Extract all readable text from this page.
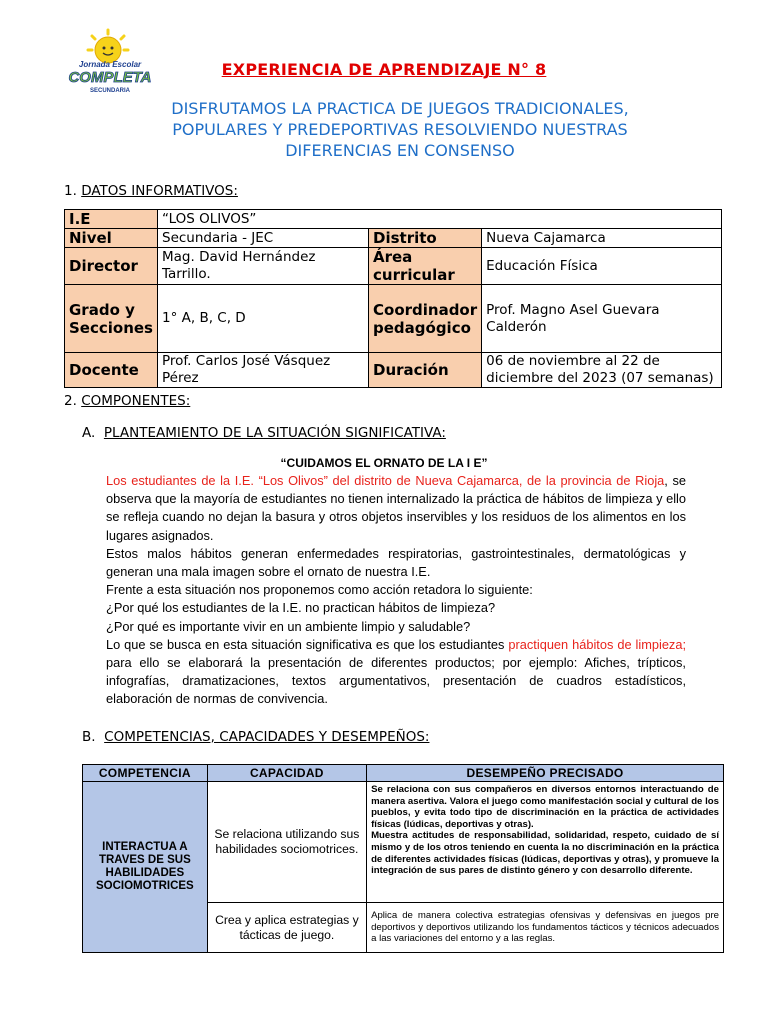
Jornada Escolar
COMPLETA
SECUNDARIA
EXPERIENCIA DE APRENDIZAJE N° 8
DISFRUTAMOS LA PRACTICA DE JUEGOS TRADICIONALES,
POPULARES Y PREDEPORTIVAS RESOLVIENDO NUESTRAS
DIFERENCIAS EN CONSENSO
1. DATOS INFORMATIVOS:
I.E	“LOS OLIVOS”		
Nivel	Secundaria - JEC	Distrito	Nueva Cajamarca
Director	Mag. David Hernández Tarrillo.	Área curricular	Educación Física
Grado y Secciones	1° A, B, C, D	Coordinador pedagógico	Prof. Magno Asel Guevara Calderón
Docente	Prof. Carlos José Vásquez Pérez	Duración	06 de noviembre al 22 de diciembre del 2023 (07 semanas)
2. COMPONENTES:
A. PLANTEAMIENTO DE LA SITUACIÓN SIGNIFICATIVA:
“CUIDAMOS EL ORNATO DE LA I E”
Los estudiantes de la I.E. “Los Olivos” del distrito de Nueva Cajamarca, de la provincia de Rioja, se observa que la mayoría de estudiantes no tienen internalizado la práctica de hábitos de limpieza y ello se refleja cuando no dejan la basura y otros objetos inservibles y los residuos de los alimentos en los lugares asignados.
Estos malos hábitos generan enfermedades respiratorias, gastrointestinales, dermatológicas y generan una mala imagen sobre el ornato de nuestra I.E.
Frente a esta situación nos proponemos como acción retadora lo siguiente:
¿Por qué los estudiantes de la I.E. no practican hábitos de limpieza?
¿Por qué es importante vivir en un ambiente limpio y saludable?
Lo que se busca en esta situación significativa es que los estudiantes practiquen hábitos de limpieza; para ello se elaborará la presentación de diferentes productos; por ejemplo: Afiches, trípticos, infografías, dramatizaciones, textos argumentativos, presentación de cuadros estadísticos, elaboración de normas de convivencia.
B. COMPETENCIAS, CAPACIDADES Y DESEMPEÑOS:
COMPETENCIA	CAPACIDAD	DESEMPEÑO PRECISADO
INTERACTUA A TRAVES DE SUS HABILIDADES SOCIOMOTRICES	Se relaciona utilizando sus habilidades sociomotrices.	Se relaciona con sus compañeros en diversos entornos interactuando de manera asertiva. Valora el juego como manifestación social y cultural de los pueblos, y evita todo tipo de discriminación en la práctica de actividades físicas (lúdicas, deportivas y otras).

Muestra actitudes de responsabilidad, solidaridad, respeto, cuidado de sí mismo y de los otros teniendo en cuenta la no discriminación en la práctica de diferentes actividades físicas (lúdicas, deportivas y otras), y promueve la integración de sus pares de distinto género y con desarrollo diferente.

	Crea y aplica estrategias y tácticas de juego.	Aplica de manera colectiva estrategias ofensivas y defensivas en juegos pre deportivos y deportivos utilizando los fundamentos tácticos y técnicos adecuados a las variaciones del entorno y a las reglas.
